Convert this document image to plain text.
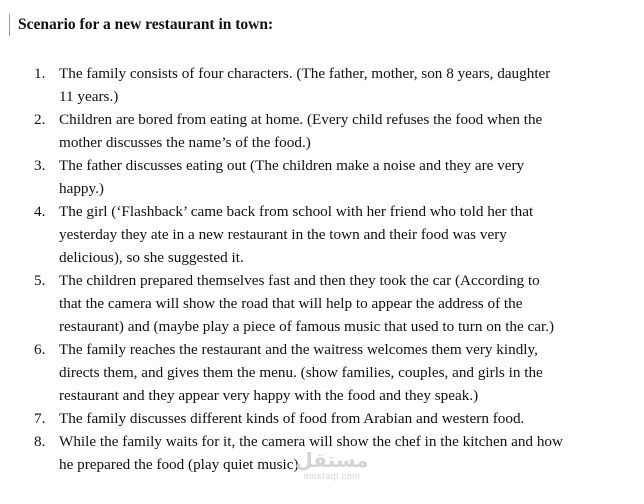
Scenario for a new restaurant in town:
1. The family consists of four characters. (The father, mother, son 8 years, daughter
11 years.)
2. Children are bored from eating at home. (Every child refuses the food when the
mother discusses the name’s of the food.)
3. The father discusses eating out (The children make a noise and they are very
happy.)
4. The girl (‘Flashback’ came back from school with her friend who told her that
yesterday they ate in a new restaurant in the town and their food was very
delicious), so she suggested it.
5. The children prepared themselves fast and then they took the car (According to
that the camera will show the road that will help to appear the address of the
restaurant) and (maybe play a piece of famous music that used to turn on the car.)
6. The family reaches the restaurant and the waitress welcomes them very kindly,
directs them, and gives them the menu. (show families, couples, and girls in the
restaurant and they appear very happy with the food and they speak.)
7. The family discusses different kinds of food from Arabian and western food.
8. While the family waits for it, the camera will show the chef in the kitchen and how
he prepared the food (play quiet music).
مستقل
mostaql.com
